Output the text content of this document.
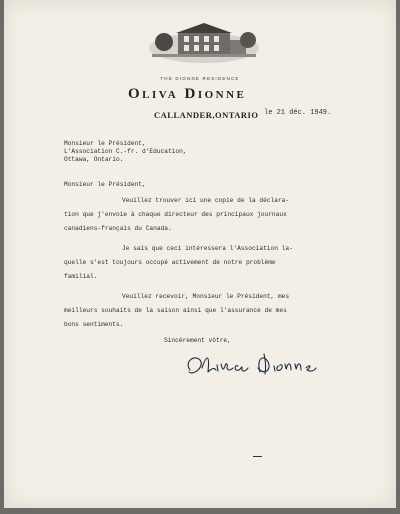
THE DIONNE RESIDENCE
Oliva Dionne
CALLANDER,ONTARIO le 21 déc. 1949.
Monsieur le Président,
L'Association C.-fr. d'Education,
Ottawa, Ontario.
Monsieur le Président,
Veuillez trouver ici une copie de la déclara-
tion que j'envoie à chaque directeur des principaux journaux
canadiens-français du Canada.
Je sais que ceci intéressera l'Association la-
quelle s'est toujours occupé activement de notre problème
familial.
Veuillez recevoir, Monsieur le Président, mes
meilleurs souhaits de la saison ainsi que l'assurance de mes
bons sentiments.
Sincèrement vôtre,
